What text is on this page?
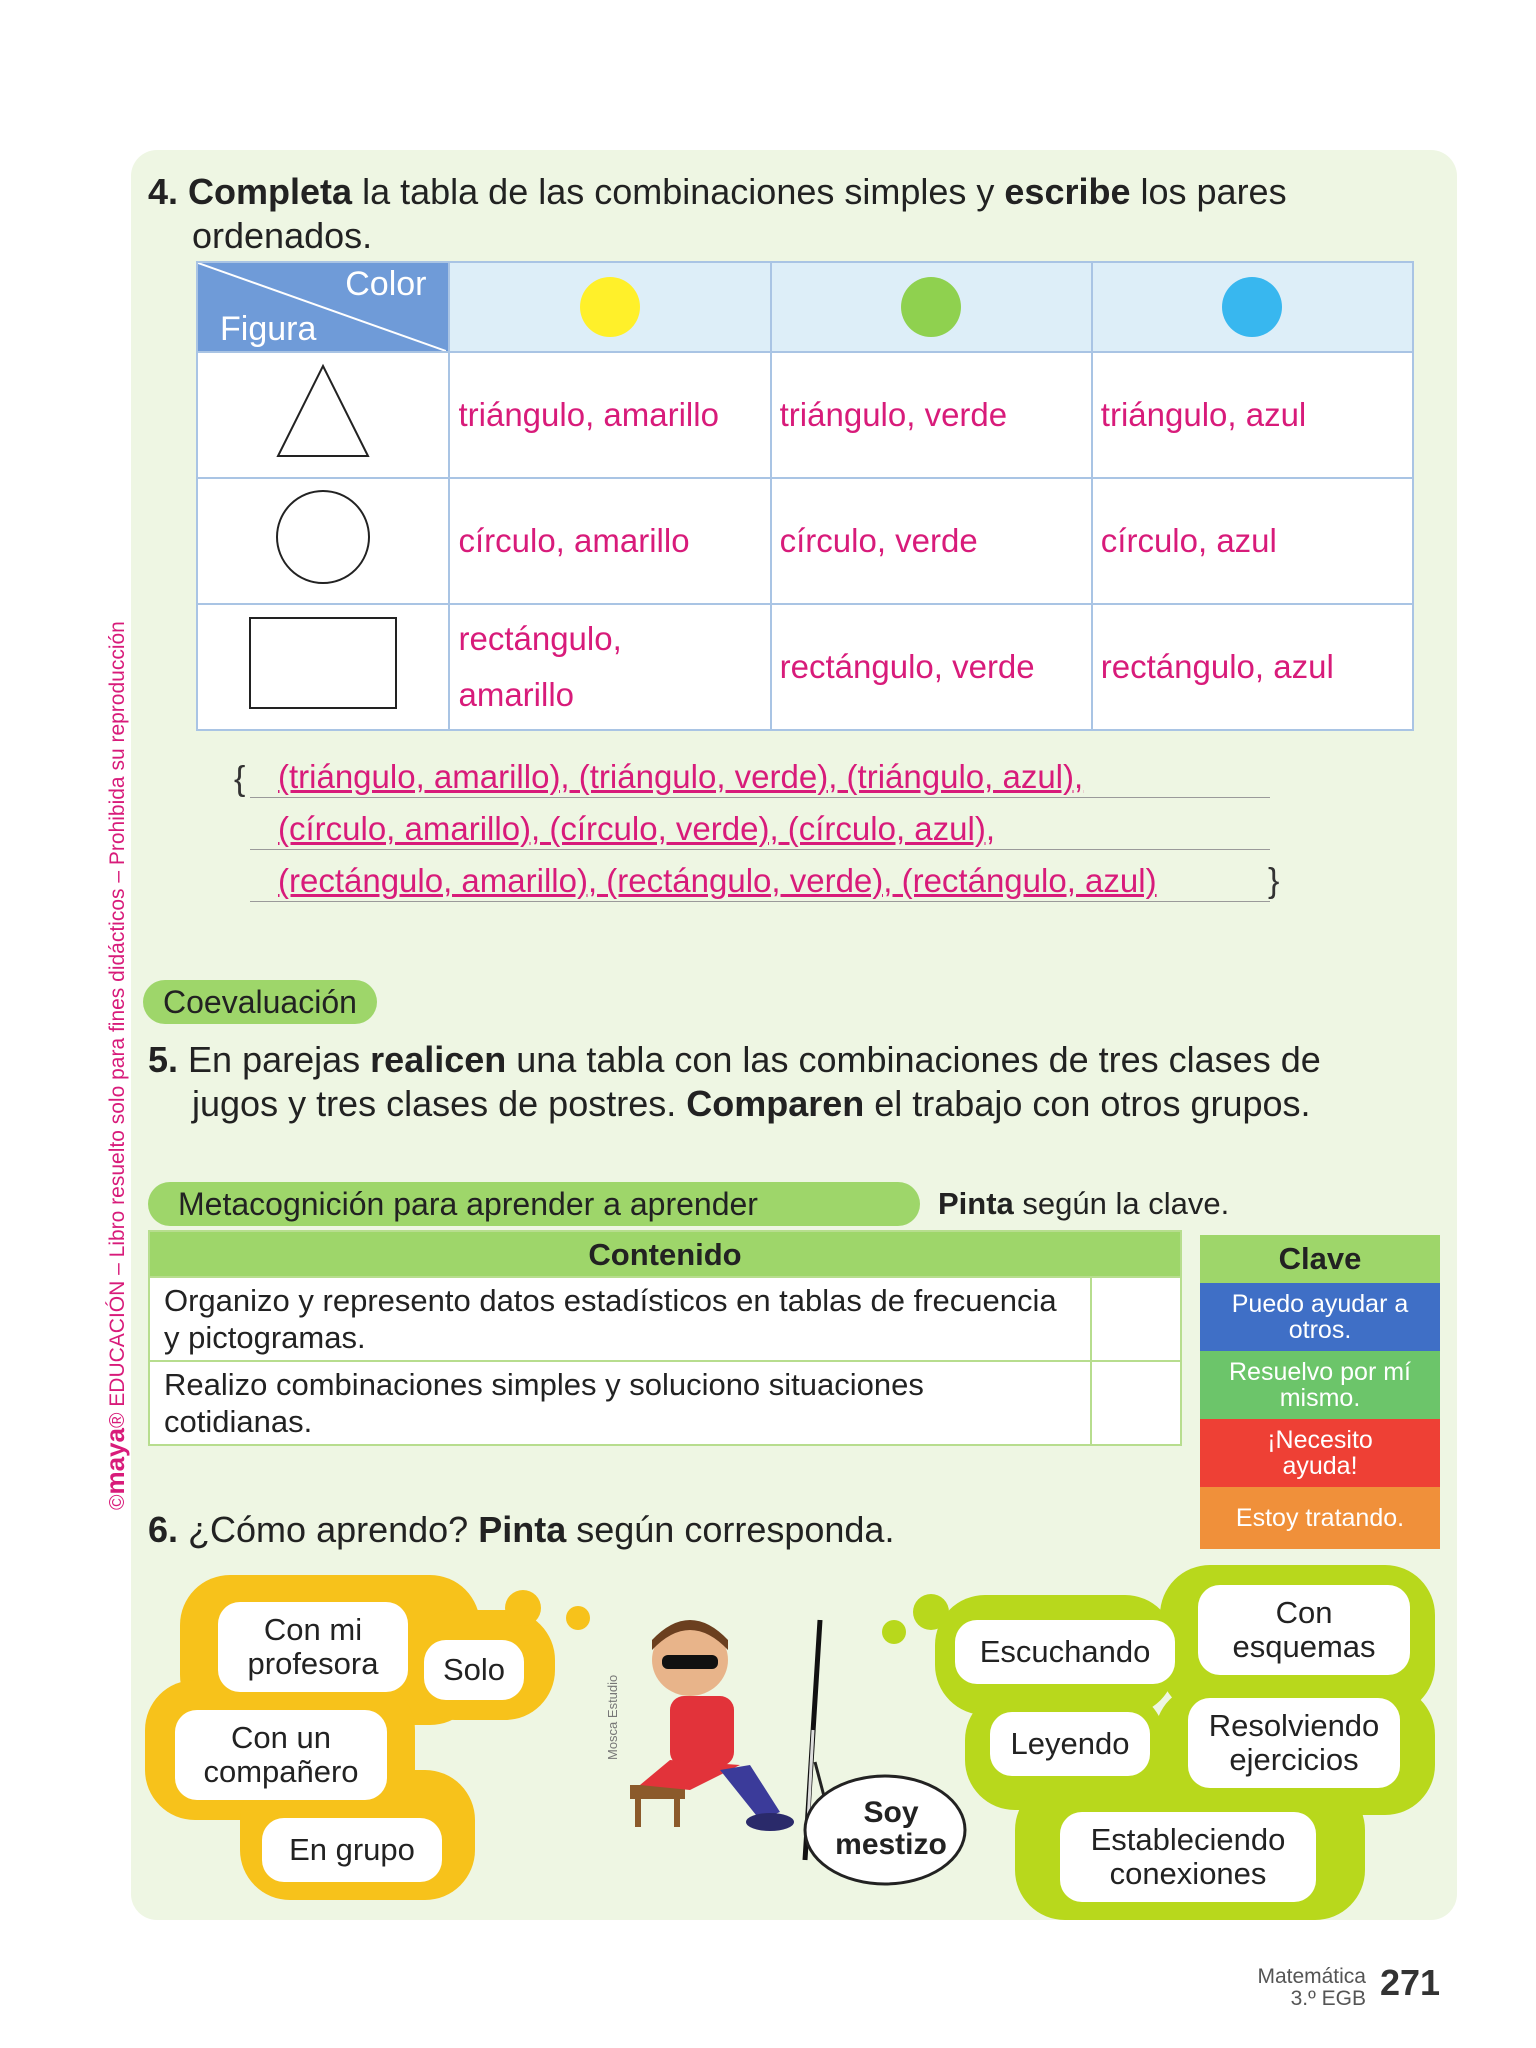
©maya® EDUCACIÓN – Libro resuelto solo para fines didácticos – Prohibida su reproducción
4. Completa la tabla de las combinaciones simples y escribe los pares
ordenados.
Color
Figura			

	triángulo, amarillo	triángulo, verde	triángulo, azul
	círculo, amarillo	círculo, verde	círculo, azul
	rectángulo,
amarillo	rectángulo, verde	rectángulo, azul
{ (triángulo, amarillo), (triángulo, verde), (triángulo, azul),
(círculo, amarillo), (círculo, verde), (círculo, azul),
(rectángulo, amarillo), (rectángulo, verde), (rectángulo, azul)	}
Coevaluación
5. En parejas realicen una tabla con las combinaciones de tres clases de
jugos y tres clases de postres. Comparen el trabajo con otros grupos.
Metacognición para aprender a aprender	Pinta según la clave.
Contenido	
Organizo y represento datos estadísticos en tablas de frecuencia y pictogramas.	
Realizo combinaciones simples y soluciono situaciones cotidianas.	
Clave
Puedo ayudar a otros.
Resuelvo por mí mismo.
¡Necesito ayuda!
Estoy tratando.
6. ¿Cómo aprendo? Pinta según corresponda.
Con mi profesora	Solo
Con un compañero
En grupo
Mosca Estudio
Soy mestizo
Escuchando
Con esquemas
Leyendo
Resolviendo ejercicios
Estableciendo conexiones
Matemática
3.º EGB 271
